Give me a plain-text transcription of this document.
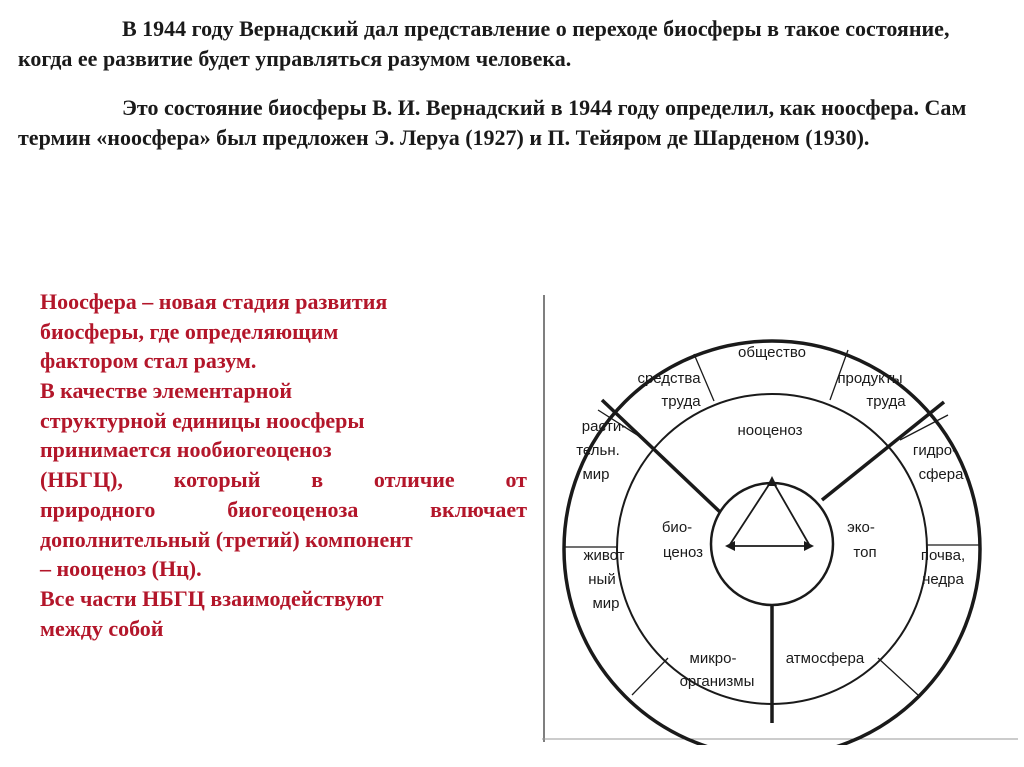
В 1944 году Вернадский дал представление о переходе биосферы в такое состояние, когда ее развитие будет управляться разумом человека.

Это состояние биосферы В. И. Вернадский в 1944 году определил, как ноосфера. Сам термин «ноосфера» был предложен Э. Леруа (1927) и П. Тейяром де Шарденом (1930).

Ноосфера – новая стадия развития

биосферы, где определяющим

фактором стал разум.

В качестве элементарной

структурной единицы ноосферы

принимается нообиогеоценоз

(НБГЦ), который в отличие от

природного биогеоценоза включает

дополнительный (третий) компонент

– нооценоз (Нц).

Все части НБГЦ взаимодействуют

между собой

общество
продукты
труда
гидро-
сфера
почва,
недра
атмосфера
микро-
организмы
живот
ный
мир
расти-
тельн.
мир
средства
труда
нооценоз
био-
ценоз
эко-
топ
